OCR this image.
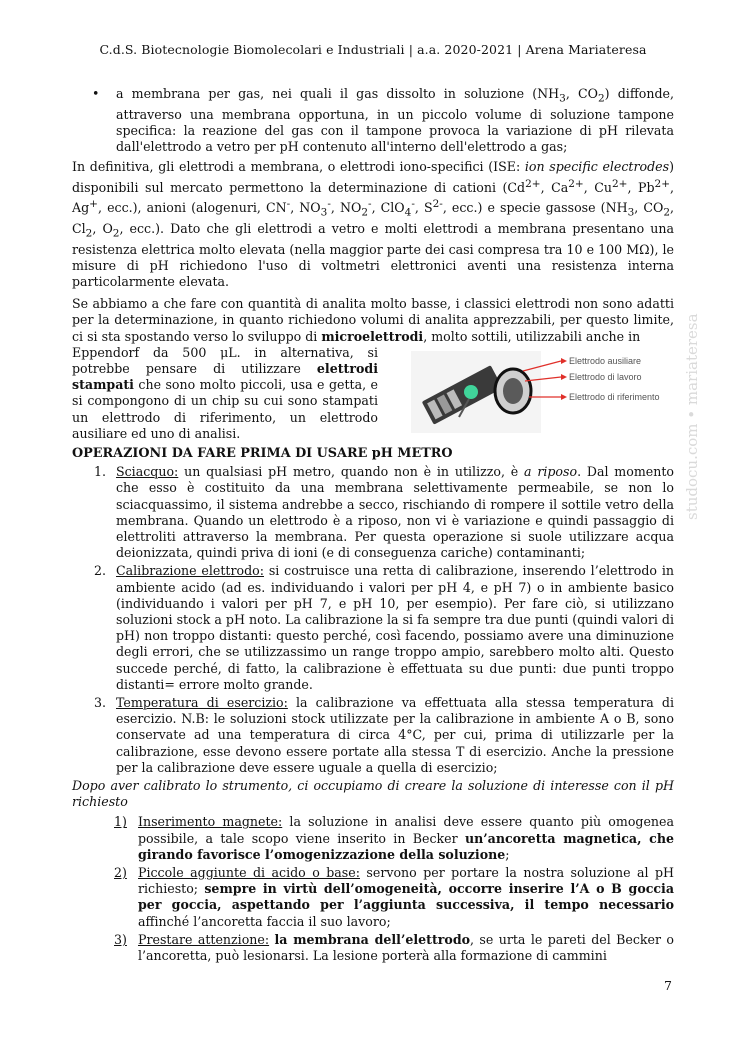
C.d.S. Biotecnologie Biomolecolari e Industriali | a.a. 2020-2021 | Arena Mariateresa
• a membrana per gas, nei quali il gas dissolto in soluzione ($NH_3$, $CO_2$) diffonde, attraverso una membrana opportuna, in un piccolo volume di soluzione tampone specifica: la reazione del gas con il tampone provoca la variazione di pH rilevata dall'elettrodo a vetro per pH contenuto all'interno dell'elettrodo a gas;

In definitiva, gli elettrodi a membrana, o elettrodi iono-specifici (ISE: ion specific electrodes) disponibili sul mercato permettono la determinazione di cationi ($Cd^{2+}$, $Ca^{2+}$, $Cu^{2+}$, $Pb^{2+}$, Ag+, ecc.), anioni (alogenuri, CN-, $NO_3^-$, $NO_2^-$, ClO$_4$-, $S^{2-}$, ecc.) e specie gassose ($NH_3$, $CO_2$, $Cl_2$, $O_2$, ecc.). Dato che gli elettrodi a vetro e molti elettrodi a membrana presentano una resistenza elettrica molto elevata (nella maggior parte dei casi compresa tra 10 e 100 MΩ), le misure di pH richiedono l'uso di voltmetri elettronici aventi una resistenza interna particolarmente elevata.

Se abbiamo a che fare con quantità di analita molto basse, i classici elettrodi non sono adatti per la determinazione, in quanto richiedono volumi di analita apprezzabili, per questo limite, ci si sta spostando verso lo sviluppo di microelettrodi, molto sottili, utilizzabili anche in

Eppendorf da 500 μL. in alternativa, si potrebbe pensare di utilizzare elettrodi stampati che sono molto piccoli, usa e getta, e si compongono di un chip su cui sono stampati un elettrodo di riferimento, un elettrodo ausiliare ed uno di analisi.
Elettrodo ausiliare
Elettrodo di lavoro
Elettrodo di riferimento
OPERAZIONI DA FARE PRIMA DI USARE pH METRO
1. Sciacquo: un qualsiasi pH metro, quando non è in utilizzo, è a riposo. Dal momento che esso è costituito da una membrana selettivamente permeabile, se non lo sciacquassimo, il sistema andrebbe a secco, rischiando di rompere il sottile vetro della membrana. Quando un elettrodo è a riposo, non vi è variazione e quindi passaggio di elettroliti attraverso la membrana. Per questa operazione si suole utilizzare acqua deionizzata, quindi priva di ioni (e di conseguenza cariche) contaminanti;
2. Calibrazione elettrodo: si costruisce una retta di calibrazione, inserendo l’elettrodo in ambiente acido (ad es. individuando i valori per pH 4, e pH 7) o in ambiente basico (individuando i valori per pH 7, e pH 10, per esempio). Per fare ciò, si utilizzano soluzioni stock a pH noto. La calibrazione la si fa sempre tra due punti (quindi valori di pH) non troppo distanti: questo perché, così facendo, possiamo avere una diminuzione degli errori, che se utilizzassimo un range troppo ampio, sarebbero molto alti. Questo succede perché, di fatto, la calibrazione è effettuata su due punti: due punti troppo distanti= errore molto grande.
3. Temperatura di esercizio: la calibrazione va effettuata alla stessa temperatura di esercizio. N.B: le soluzioni stock utilizzate per la calibrazione in ambiente A o B, sono conservate ad una temperatura di circa 4°C, per cui, prima di utilizzarle per la calibrazione, esse devono essere portate alla stessa T di esercizio. Anche la pressione per la calibrazione deve essere uguale a quella di esercizio;

Dopo aver calibrato lo strumento, ci occupiamo di creare la soluzione di interesse con il pH richiesto

1) Inserimento magnete: la soluzione in analisi deve essere quanto più omogenea possibile, a tale scopo viene inserito in Becker un’ancoretta magnetica, che girando favorisce l’omogenizzazione della soluzione;
2) Piccole aggiunte di acido o base: servono per portare la nostra soluzione al pH richiesto; sempre in virtù dell’omogeneità, occorre inserire l’A o B goccia per goccia, aspettando per l’aggiunta successiva, il tempo necessario affinché l’ancoretta faccia il suo lavoro;
3) Prestare attenzione: la membrana dell’elettrodo, se urta le pareti del Becker o l’ancoretta, può lesionarsi. La lesione porterà alla formazione di cammini
studocu.com • mariateresa
7
